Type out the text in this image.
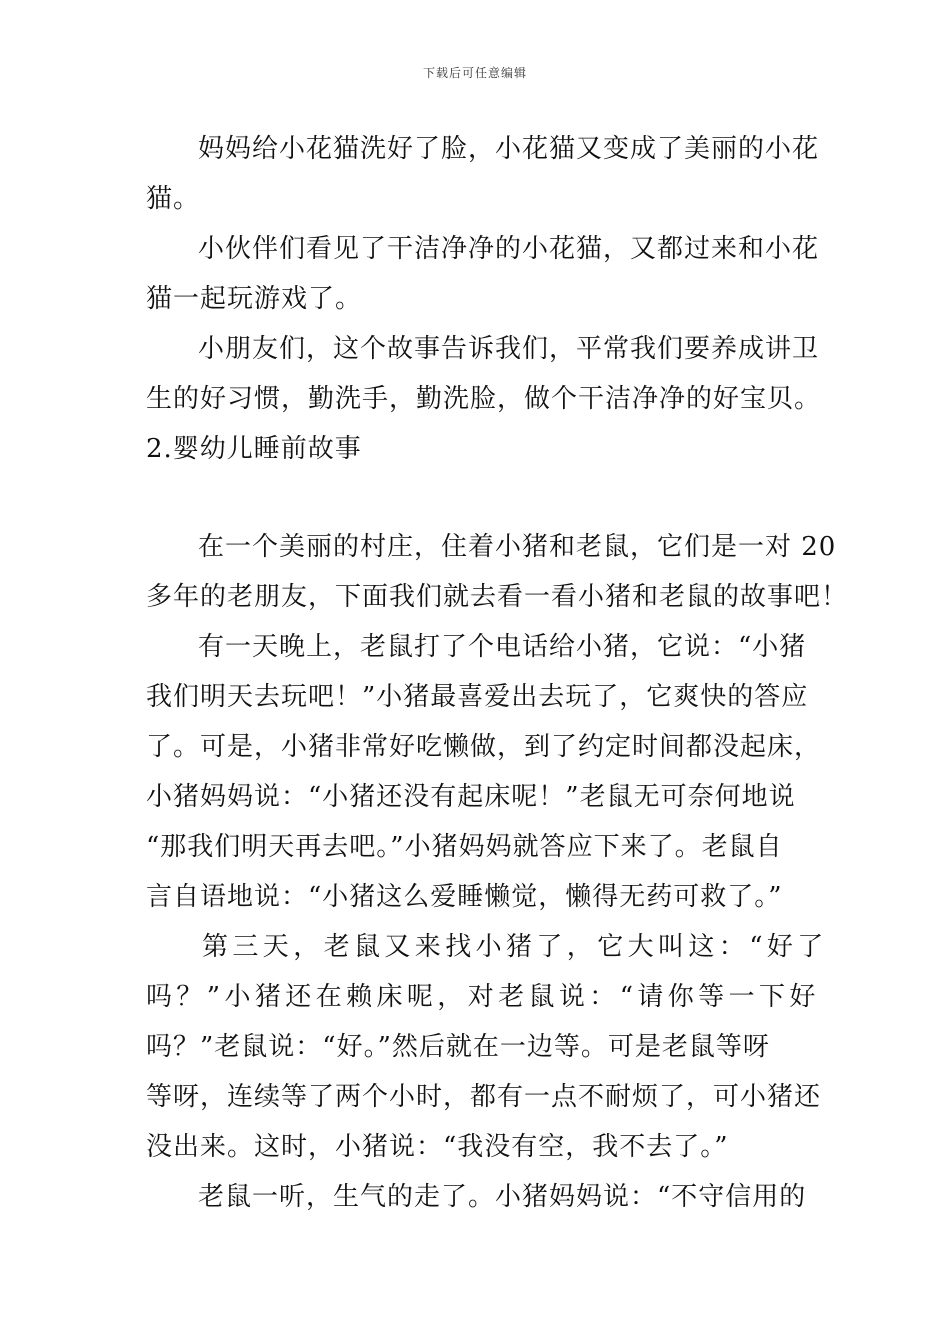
下载后可任意编辑

妈妈给小花猫洗好了脸，小花猫又变成了美丽的小花
猫。

小伙伴们看见了干洁净净的小花猫，又都过来和小花
猫一起玩游戏了。

小朋友们，这个故事告诉我们，平常我们要养成讲卫
生的好习惯，勤洗手，勤洗脸，做个干洁净净的好宝贝。

2.婴幼儿睡前故事

在一个美丽的村庄，住着小猪和老鼠，它们是一对 20
多年的老朋友，下面我们就去看一看小猪和老鼠的故事吧！

有一天晚上，老鼠打了个电话给小猪，它说：“小猪
我们明天去玩吧！”小猪最喜爱出去玩了，它爽快的答应
了。可是，小猪非常好吃懒做，到了约定时间都没起床，
小猪妈妈说：“小猪还没有起床呢！”老鼠无可奈何地说
“那我们明天再去吧。”小猪妈妈就答应下来了。老鼠自
言自语地说：“小猪这么爱睡懒觉，懒得无药可救了。”

第三天，老鼠又来找小猪了，它大叫这：“好了
吗？”小猪还在赖床呢，对老鼠说：“请你等一下好
吗？”老鼠说：“好。”然后就在一边等。可是老鼠等呀
等呀，连续等了两个小时，都有一点不耐烦了，可小猪还
没出来。这时，小猪说：“我没有空，我不去了。”

老鼠一听，生气的走了。小猪妈妈说：“不守信用的
